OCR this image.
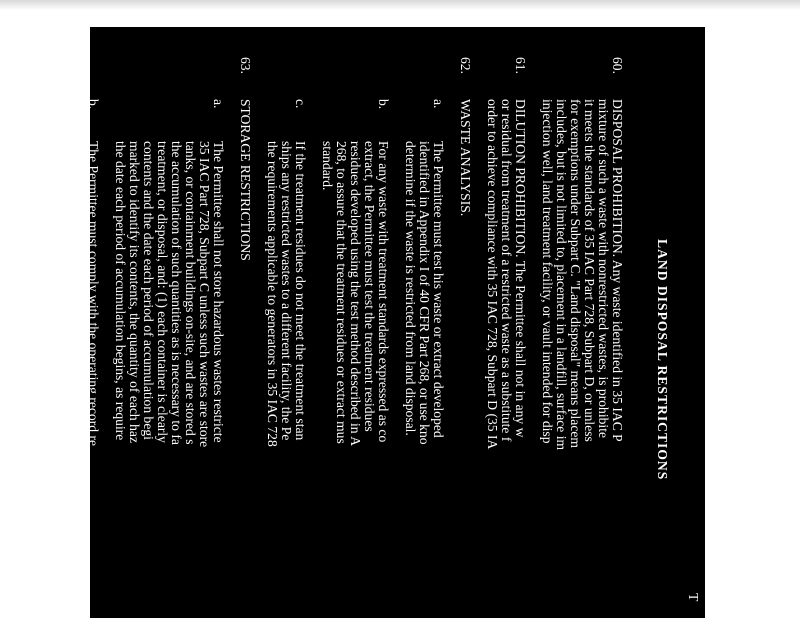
T
LAND DISPOSAL RESTRICTIONS
60.
DISPOSAL PROHIBITION. Any waste identified in 35 IAC P
mixture of such a waste with nonrestricted wastes, is prohibite
it meets the standards of 35 IAC Part 728, Subpart D, or unless
for exemptions under Subpart C. "Land disposal" means placem
includes, but is not limited to, placement in a landfill, surface im
injection well, land treatment facility, or vault intended for disp
61.
DILUTION PROHIBITION. The Permittee shall not in any w
or residual from treatment of a restricted waste as a substitute f
order to achieve compliance with 35 IAC 728, Subpart D (35 IA
62.
WASTE ANALYSIS.
a.
The Permittee must test his waste or extract developed
identified in Appendix I of 40 CFR Part 268, or use kno
determine if the waste is restricted from land disposal.
b.
For any waste with treatment standards expressed as co
extract, the Permittee must test the treatment residues
residues developed using the test method described in A
268, to assure that the treatment residues or extract mus
standard.
c.
If the treatment residues do not meet the treatment stan
ships any restricted wastes to a different facility, the Pe
the requirements applicable to generators in 35 IAC 728
63.
STORAGE RESTRICTIONS
a.
The Permittee shall not store hazardous wastes restricte
35 IAC Part 728, Subpart C unless such wastes are store
tanks, or containment buildings on-site, and are stored s
the accumulation of such quantities as is necessary to fa
treatment, or disposal, and: (1) each container is clearly
contents and the date each period of accumulation begi
marked to identify its contents, the quantity of each haz
the date each period of accumulation begins, as require
b.
The Permittee must comply with the operating record re
724.173.
